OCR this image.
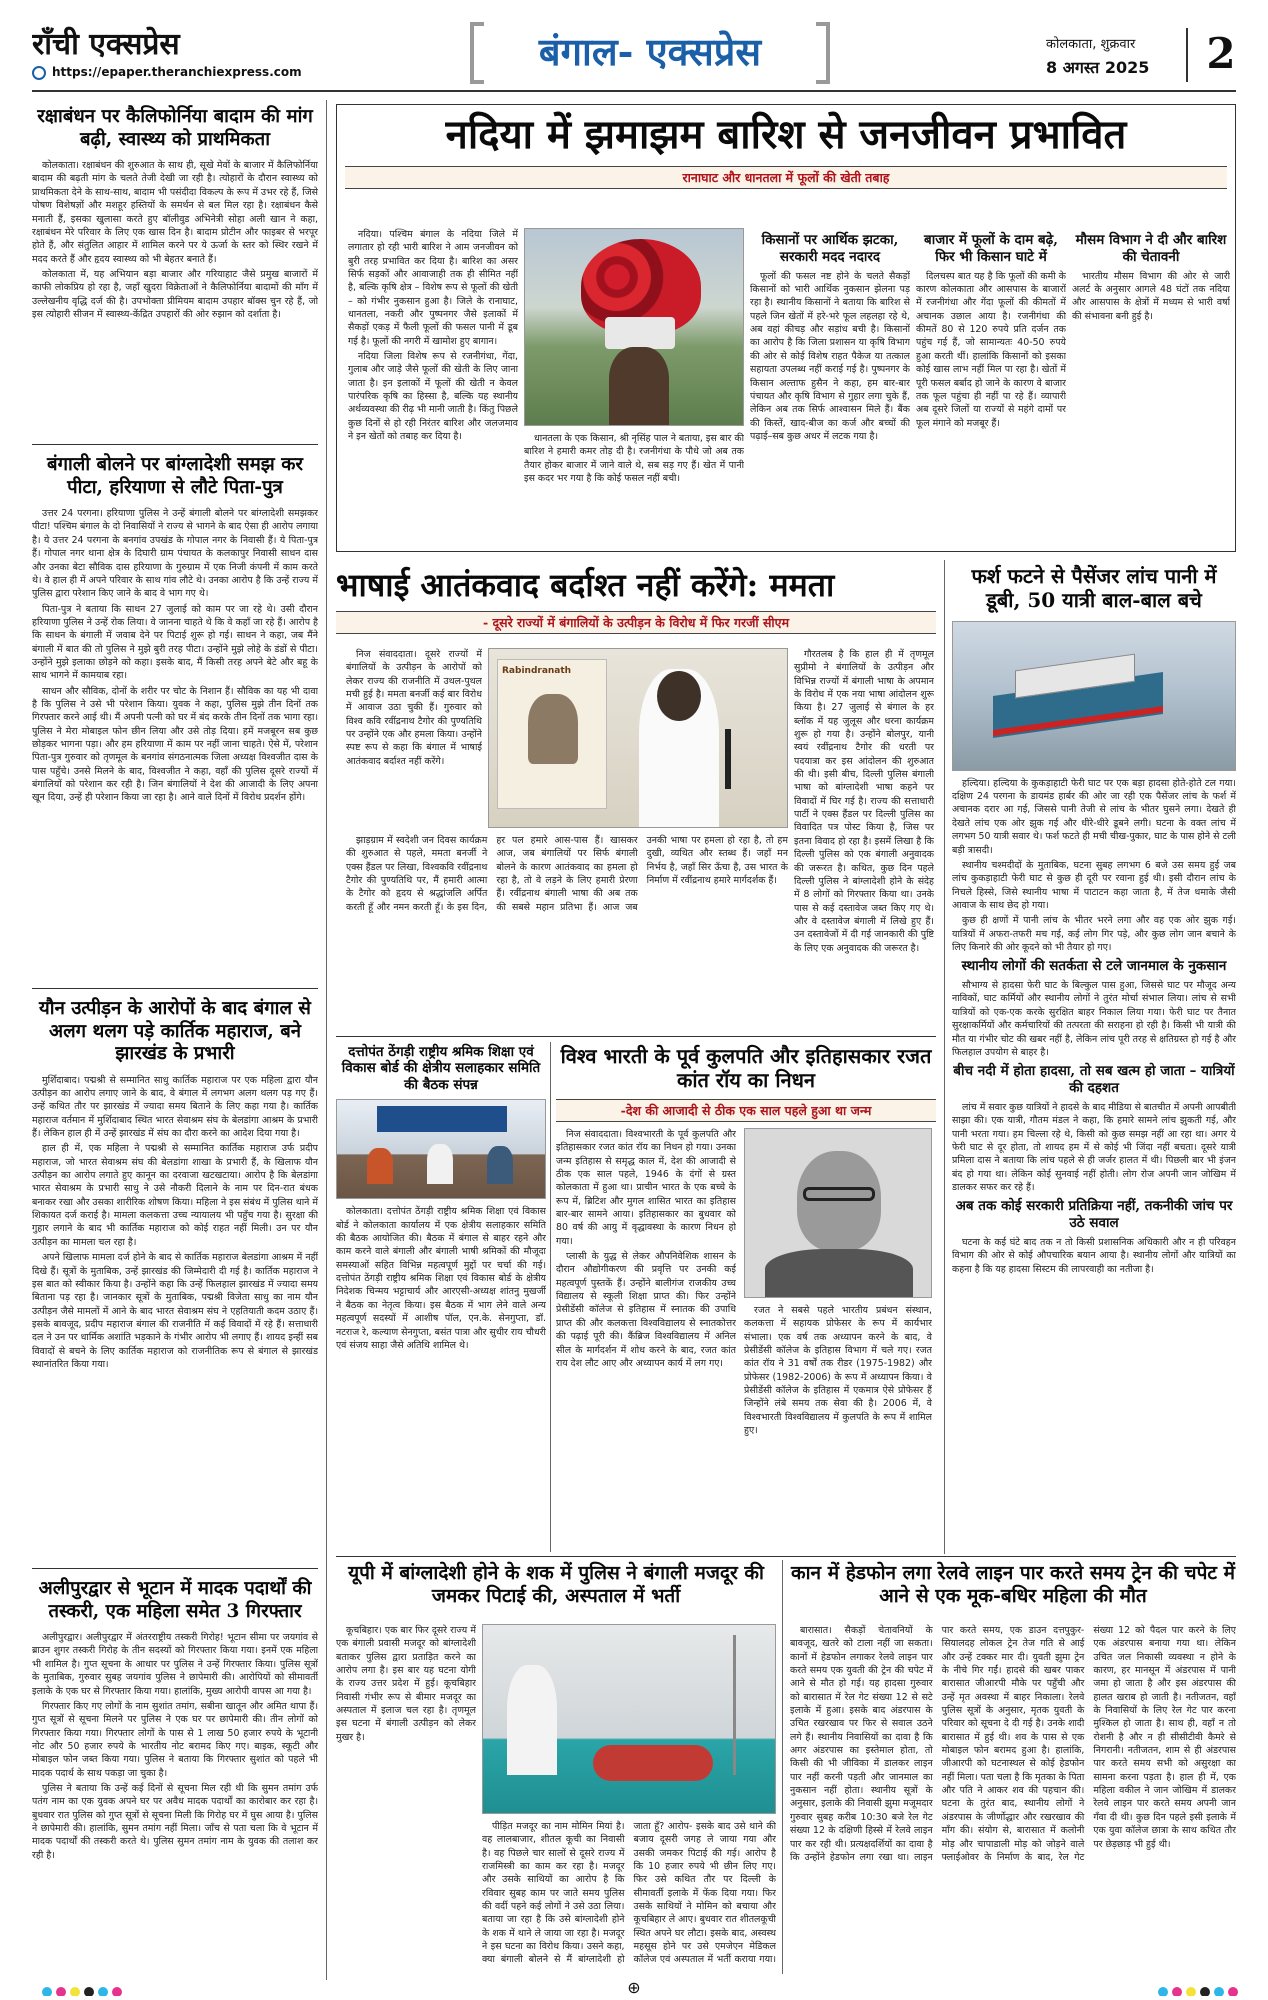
राँची एक्सप्रेस
https://epaper.theranchiexpress.com	बंगाल- एक्सप्रेस	कोलकाता, शुक्रवार
8 अगस्त 2025	2
रक्षाबंधन पर कैलिफोर्निया बादाम की मांग बढ़ी, स्वास्थ्य को प्राथमिकता

कोलकाता। रक्षाबंधन की शुरुआत के साथ ही, सूखे मेवों के बाजार में कैलिफोर्निया बादाम की बढ़ती मांग के चलते तेजी देखी जा रही है। त्योहारों के दौरान स्वास्थ्य को प्राथमिकता देने के साथ-साथ, बादाम भी पसंदीदा विकल्प के रूप में उभर रहे हैं, जिसे पोषण विशेषज्ञों और मशहूर हस्तियों के समर्थन से बल मिल रहा है। रक्षाबंधन कैसे मनाती हैं, इसका खुलासा करते हुए बॉलीवुड अभिनेत्री सोहा अली खान ने कहा, रक्षाबंधन मेरे परिवार के लिए एक खास दिन है। बादाम प्रोटीन और फाइबर से भरपूर होते हैं, और संतुलित आहार में शामिल करने पर ये ऊर्जा के स्तर को स्थिर रखने में मदद करते हैं और हृदय स्वास्थ्य को भी बेहतर बनाते हैं।

कोलकाता में, यह अभियान बड़ा बाजार और गरियाहाट जैसे प्रमुख बाजारों में काफी लोकप्रिय हो रहा है, जहाँ खुदरा विक्रेताओं ने कैलिफोर्निया बादामों की माँग में उल्लेखनीय वृद्धि दर्ज की है। उपभोक्ता प्रीमियम बादाम उपहार बॉक्स चुन रहे हैं, जो इस त्योहारी सीजन में स्वास्थ्य-केंद्रित उपहारों की ओर रुझान को दर्शाता है।

बंगाली बोलने पर बांग्लादेशी समझ कर पीटा, हरियाणा से लौटे पिता-पुत्र

उत्तर 24 परगना। हरियाणा पुलिस ने उन्हें बंगाली बोलने पर बांग्लादेशी समझकर पीटा! पश्चिम बंगाल के दो निवासियों ने राज्य से भागने के बाद ऐसा ही आरोप लगाया है। ये उत्तर 24 परगना के बनगांव उपखंड के गोपाल नगर के निवासी हैं। ये पिता-पुत्र हैं। गोपाल नगर थाना क्षेत्र के दिघारी ग्राम पंचायत के कलकापुर निवासी साधन दास और उनका बेटा सौविक दास हरियाणा के गुरुग्राम में एक निजी कंपनी में काम करते थे। वे हाल ही में अपने परिवार के साथ गांव लौटे थे। उनका आरोप है कि उन्हें राज्य में पुलिस द्वारा परेशान किए जाने के बाद वे भाग गए थे।

पिता-पुत्र ने बताया कि साधन 27 जुलाई को काम पर जा रहे थे। उसी दौरान हरियाणा पुलिस ने उन्हें रोक लिया। वे जानना चाहते थे कि वे कहाँ जा रहे हैं। आरोप है कि साधन के बंगाली में जवाब देने पर पिटाई शुरू हो गई। साधन ने कहा, जब मैंने बंगाली में बात की तो पुलिस ने मुझे बुरी तरह पीटा। उन्होंने मुझे लोहे के डंडों से पीटा। उन्होंने मुझे इलाका छोड़ने को कहा। इसके बाद, मैं किसी तरह अपने बेटे और बहू के साथ भागने में कामयाब रहा।

साधन और सौविक, दोनों के शरीर पर चोट के निशान हैं। सौविक का यह भी दावा है कि पुलिस ने उसे भी परेशान किया। युवक ने कहा, पुलिस मुझे तीन दिनों तक गिरफ्तार करने आई थी। मैं अपनी पत्नी को घर में बंद करके तीन दिनों तक भागा रहा। पुलिस ने मेरा मोबाइल फोन छीन लिया और उसे तोड़ दिया। हमें मजबूरन सब कुछ छोड़कर भागना पड़ा। और हम हरियाणा में काम पर नहीं जाना चाहते। ऐसे में, परेशान पिता-पुत्र गुरुवार को तृणमूल के बनगांव संगठनात्मक जिला अध्यक्ष विश्वजीत दास के पास पहुँचे। उनसे मिलने के बाद, विश्वजीत ने कहा, वहाँ की पुलिस दूसरे राज्यों में बंगालियों को परेशान कर रही है। जिन बंगालियों ने देश की आजादी के लिए अपना खून दिया, उन्हें ही परेशान किया जा रहा है। आने वाले दिनों में विरोध प्रदर्शन होंगे।

यौन उत्पीड़न के आरोपों के बाद बंगाल से अलग थलग पड़े कार्तिक महाराज, बने झारखंड के प्रभारी

मुर्शिदाबाद। पद्मश्री से सम्मानित साधु कार्तिक महाराज पर एक महिला द्वारा यौन उत्पीड़न का आरोप लगाए जाने के बाद, वे बंगाल में लगभग अलग थलग पड़ गए हैं। उन्हें कथित तौर पर झारखंड में ज्यादा समय बिताने के लिए कहा गया है। कार्तिक महाराज वर्तमान में मुर्शिदाबाद स्थित भारत सेवाश्रम संघ के बेलडांगा आश्रम के प्रभारी हैं। लेकिन हाल ही में उन्हें झारखंड में संघ का दौरा करने का आदेश दिया गया है।

हाल ही में, एक महिला ने पद्मश्री से सम्मानित कार्तिक महाराज उर्फ प्रदीप महाराज, जो भारत सेवाश्रम संघ की बेलडांगा शाखा के प्रभारी हैं, के खिलाफ यौन उत्पीड़न का आरोप लगाते हुए कानून का दरवाजा खटखटाया। आरोप है कि बेलडांगा भारत सेवाश्रम के प्रभारी साधु ने उसे नौकरी दिलाने के नाम पर दिन-रात बंधक बनाकर रखा और उसका शारीरिक शोषण किया। महिला ने इस संबंध में पुलिस थाने में शिकायत दर्ज कराई है। मामला कलकत्ता उच्च न्यायालय भी पहुँच गया है। सुरक्षा की गुहार लगाने के बाद भी कार्तिक महाराज को कोई राहत नहीं मिली। उन पर यौन उत्पीड़न का मामला चल रहा है।

अपने खिलाफ मामला दर्ज होने के बाद से कार्तिक महाराज बेलडांगा आश्रम में नहीं दिखे हैं। सूत्रों के मुताबिक, उन्हें झारखंड की जिम्मेदारी दी गई है। कार्तिक महाराज ने इस बात को स्वीकार किया है। उन्होंने कहा कि उन्हें फिलहाल झारखंड में ज्यादा समय बिताना पड़ रहा है। जानकार सूत्रों के मुताबिक, पद्मश्री विजेता साधु का नाम यौन उत्पीड़न जैसे मामलों में आने के बाद भारत सेवाश्रम संघ ने एहतियाती कदम उठाए हैं। इसके बावजूद, प्रदीप महाराज बंगाल की राजनीति में कई विवादों में रहे हैं। सत्ताधारी दल ने उन पर धार्मिक अशांति भड़काने के गंभीर आरोप भी लगाए हैं। शायद इन्हीं सब विवादों से बचने के लिए कार्तिक महाराज को राजनीतिक रूप से बंगाल से झारखंड स्थानांतरित किया गया।

अलीपुरद्वार से भूटान में मादक पदार्थों की तस्करी, एक महिला समेत 3 गिरफ्तार

अलीपुरद्वार। अलीपुरद्वार में अंतरराष्ट्रीय तस्करी गिरोह! भूटान सीमा पर जयगांव से ब्राउन शुगर तस्करी गिरोह के तीन सदस्यों को गिरफ्तार किया गया। इनमें एक महिला भी शामिल है। गुप्त सूचना के आधार पर पुलिस ने उन्हें गिरफ्तार किया। पुलिस सूत्रों के मुताबिक, गुरुवार सुबह जयगांव पुलिस ने छापेमारी की। आरोपियों को सीमावर्ती इलाके के एक घर से गिरफ्तार किया गया। हालांकि, मुख्य आरोपी वापस आ गया है।

गिरफ्तार किए गए लोगों के नाम सुशांत तमांग, सबीना खातून और अमित थापा हैं। गुप्त सूत्रों से सूचना मिलने पर पुलिस ने एक घर पर छापेमारी की। तीन लोगों को गिरफ्तार किया गया। गिरफ्तार लोगों के पास से 1 लाख 50 हजार रुपये के भूटानी नोट और 50 हजार रुपये के भारतीय नोट बरामद किए गए। बाइक, स्कूटी और मोबाइल फोन जब्त किया गया। पुलिस ने बताया कि गिरफ्तार सुशांत को पहले भी मादक पदार्थ के साथ पकड़ा जा चुका है।

पुलिस ने बताया कि उन्हें कई दिनों से सूचना मिल रही थी कि सुमन तमांग उर्फ पतंग नाम का एक युवक अपने घर पर अवैध मादक पदार्थों का कारोबार कर रहा है। बुधवार रात पुलिस को गुप्त सूत्रों से सूचना मिली कि गिरोह घर में घुस आया है। पुलिस ने छापेमारी की। हालांकि, सुमन तमांग नहीं मिला। जाँच से पता चला कि वे भूटान में मादक पदार्थों की तस्करी करते थे। पुलिस सुमन तमांग नाम के युवक की तलाश कर रही है।

नदिया में झमाझम बारिश से जनजीवन प्रभावित
रानाघाट और धानतला में फूलों की खेती तबाह

नदिया। पश्चिम बंगाल के नदिया जिले में लगातार हो रही भारी बारिश ने आम जनजीवन को बुरी तरह प्रभावित कर दिया है। बारिश का असर सिर्फ सड़कों और आवाजाही तक ही सीमित नहीं है, बल्कि कृषि क्षेत्र – विशेष रूप से फूलों की खेती – को गंभीर नुकसान हुआ है। जिले के रानाघाट, धानतला, नकरी और पुष्पनगर जैसे इलाकों में सैकड़ों एकड़ में फैली फूलों की फसल पानी में डूब गई है। फूलों की नगरी में खामोश हुए बागान।

नदिया जिला विशेष रूप से रजनीगंधा, गेंदा, गुलाब और जाड़े जैसे फूलों की खेती के लिए जाना जाता है। इन इलाकों में फूलों की खेती न केवल पारंपरिक कृषि का हिस्सा है, बल्कि यह स्थानीय अर्थव्यवस्था की रीढ़ भी मानी जाती है। किंतु पिछले कुछ दिनों से हो रही निरंतर बारिश और जलजमाव ने इन खेतों को तबाह कर दिया है।	धानतला के एक किसान, श्री नृसिंह पाल ने बताया, इस बार की बारिश ने हमारी कमर तोड़ दी है। रजनीगंधा के पौधे जो अब तक तैयार होकर बाजार में जाने वाले थे, सब सड़ गए हैं। खेत में पानी इस कदर भर गया है कि कोई फसल नहीं बची।

किसानों पर आर्थिक झटका, सरकारी मदद नदारद

फूलों की फसल नष्ट होने के चलते सैकड़ों किसानों को भारी आर्थिक नुकसान झेलना पड़ रहा है। स्थानीय किसानों ने बताया कि बारिश से पहले जिन खेतों में हरे-भरे फूल लहलहा रहे थे, अब वहां कीचड़ और सड़ांध बची है। किसानों का आरोप है कि जिला प्रशासन या कृषि विभाग की ओर से कोई विशेष राहत पैकेज या तत्काल सहायता उपलब्ध नहीं कराई गई है। पुष्पनगर के किसान अल्ताफ हुसैन ने कहा, हम बार-बार पंचायत और कृषि विभाग से गुहार लगा चुके हैं, लेकिन अब तक सिर्फ आश्वासन मिले हैं। बैंक की किस्तें, खाद-बीज का कर्ज और बच्चों की पढ़ाई–सब कुछ अधर में लटक गया है।

बाजार में फूलों के दाम बढ़े, फिर भी किसान घाटे में

दिलचस्प बात यह है कि फूलों की कमी के कारण कोलकाता और आसपास के बाजारों में रजनीगंधा और गेंदा फूलों की कीमतों में अचानक उछाल आया है। रजनीगंधा की कीमतें 80 से 120 रुपये प्रति दर्जन तक पहुंच गई हैं, जो सामान्यतः 40-50 रुपये हुआ करती थीं। हालांकि किसानों को इसका कोई खास लाभ नहीं मिल पा रहा है। खेतों में पूरी फसल बर्बाद हो जाने के कारण वे बाजार तक फूल पहुंचा ही नहीं पा रहे हैं। व्यापारी अब दूसरे जिलों या राज्यों से महंगे दामों पर फूल मंगाने को मजबूर हैं।

मौसम विभाग ने दी और बारिश की चेतावनी

भारतीय मौसम विभाग की ओर से जारी अलर्ट के अनुसार आगले 48 घंटों तक नदिया और आसपास के क्षेत्रों में मध्यम से भारी वर्षा की संभावना बनी हुई है।

भाषाई आतंकवाद बर्दाश्त नहीं करेंगे: ममता
- दूसरे राज्यों में बंगालियों के उत्पीड़न के विरोध में फिर गरजीं सीएम
Rabindranath

निज संवाददाता। दूसरे राज्यों में बंगालियों के उत्पीड़न के आरोपों को लेकर राज्य की राजनीति में उथल-पुथल मची हुई है। ममता बनर्जी कई बार विरोध में आवाज उठा चुकी हैं। गुरुवार को विश्व कवि रवींद्रनाथ टैगोर की पुण्यतिथि पर उन्होंने एक और हमला किया। उन्होंने स्पष्ट रूप से कहा कि बंगाल में भाषाई आतंकवाद बर्दाश्त नहीं करेंगे।

गौरतलब है कि हाल ही में तृणमूल सुप्रीमो ने बंगालियों के उत्पीड़न और विभिन्न राज्यों में बंगाली भाषा के अपमान के विरोध में एक नया भाषा आंदोलन शुरू किया है। 27 जुलाई से बंगाल के हर ब्लॉक में यह जुलूस और धरना कार्यक्रम शुरू हो गया है। उन्होंने बोलपुर, यानी स्वयं रवींद्रनाथ टैगोर की धरती पर पदयात्रा कर इस आंदोलन की शुरुआत की थी। इसी बीच, दिल्ली पुलिस बंगाली भाषा को बांग्लादेशी भाषा कहने पर विवादों में घिर गई है। राज्य की सत्ताधारी पार्टी ने एक्स हैंडल पर दिल्ली पुलिस का विवादित पत्र पोस्ट किया है, जिस पर इतना विवाद हो रहा है। इसमें लिखा है कि दिल्ली पुलिस को एक बंगाली अनुवादक की जरूरत है। कथित, कुछ दिन पहले दिल्ली पुलिस ने बांग्लादेशी होने के संदेह में 8 लोगों को गिरफ्तार किया था। उनके पास से कई दस्तावेज जब्त किए गए थे। और वे दस्तावेज बंगाली में लिखे हुए हैं। उन दस्तावेजों में दी गई जानकारी की पुष्टि के लिए एक अनुवादक की जरूरत है।

झाड़ग्राम में स्वदेशी जन दिवस कार्यक्रम की शुरुआत से पहले, ममता बनर्जी ने एक्स हैंडल पर लिखा, विश्वकवि रवींद्रनाथ टैगोर की पुण्यतिथि पर, मैं हमारी आत्मा के टैगोर को हृदय से श्रद्धांजलि अर्पित करती हूँ और नमन करती हूँ। के इस दिन, हर पल हमारे आस-पास हैं। खासकर आज, जब बंगालियों पर सिर्फ बंगाली बोलने के कारण आतंकवाद का हमला हो रहा है, तो वे लड़ने के लिए हमारी प्रेरणा हैं। रवींद्रनाथ बंगाली भाषा की अब तक की सबसे महान प्रतिभा हैं। आज जब उनकी भाषा पर हमला हो रहा है, तो हम दुखी, व्यथित और स्तब्ध हैं। जहाँ मन निर्भय है, जहाँ सिर ऊँचा है, उस भारत के निर्माण में रवींद्रनाथ हमारे मार्गदर्शक हैं।

फर्श फटने से पैसेंजर लांच पानी में डूबी, 50 यात्री बाल-बाल बचे

हल्दिया। हल्दिया के कुकड़ाहाटी फेरी घाट पर एक बड़ा हादसा होते-होते टल गया। दक्षिण 24 परगना के डायमंड हार्बर की ओर जा रही एक पैसेंजर लांच के फर्श में अचानक दरार आ गई, जिससे पानी तेजी से लांच के भीतर घुसने लगा। देखते ही देखते लांच एक ओर झुक गई और धीरे-धीरे डूबने लगी। घटना के वक्त लांच में लगभग 50 यात्री सवार थे। फर्श फटते ही मची चीख-पुकार, घाट के पास होने से टली बड़ी त्रासदी।

स्थानीय चश्मदीदों के मुताबिक, घटना सुबह लगभग 6 बजे उस समय हुई जब लांच कुकड़ाहाटी फेरी घाट से कुछ ही दूरी पर रवाना हुई थी। इसी दौरान लांच के निचले हिस्से, जिसे स्थानीय भाषा में पाटाटन कहा जाता है, में तेज धमाके जैसी आवाज के साथ छेद हो गया।

कुछ ही क्षणों में पानी लांच के भीतर भरने लगा और वह एक ओर झुक गई। यात्रियों में अफरा-तफरी मच गई, कई लोग गिर पड़े, और कुछ लोग जान बचाने के लिए किनारे की ओर कूदने को भी तैयार हो गए।

स्थानीय लोगों की सतर्कता से टले जानमाल के नुकसान

सौभाग्य से हादसा फेरी घाट के बिल्कुल पास हुआ, जिससे घाट पर मौजूद अन्य नाविकों, घाट कर्मियों और स्थानीय लोगों ने तुरंत मोर्चा संभाल लिया। लांच से सभी यात्रियों को एक-एक करके सुरक्षित बाहर निकाल लिया गया। फेरी घाट पर तैनात सुरक्षाकर्मियों और कर्मचारियों की तत्परता की सराहना हो रही है। किसी भी यात्री की मौत या गंभीर चोट की खबर नहीं है, लेकिन लांच पूरी तरह से क्षतिग्रस्त हो गई है और फिलहाल उपयोग से बाहर है।

बीच नदी में होता हादसा, तो सब खत्म हो जाता – यात्रियों की दहशत

लांच में सवार कुछ यात्रियों ने हादसे के बाद मीडिया से बातचीत में अपनी आपबीती साझा की। एक यात्री, गौतम मंडल ने कहा, कि हमारे सामने लांच झुकती गई, और पानी भरता गया। हम चिल्ला रहे थे, किसी को कुछ समझ नहीं आ रहा था। अगर ये फेरी घाट से दूर होता, तो शायद हम में से कोई भी जिंदा नहीं बचता। दूसरे यात्री प्रमिला दास ने बताया कि लांच पहले से ही जर्जर हालत में थी। पिछली बार भी इंजन बंद हो गया था। लेकिन कोई सुनवाई नहीं होती। लोग रोज अपनी जान जोखिम में डालकर सफर कर रहे हैं।

अब तक कोई सरकारी प्रतिक्रिया नहीं, तकनीकी जांच पर उठे सवाल

घटना के कई घंटे बाद तक न तो किसी प्रशासनिक अधिकारी और न ही परिवहन विभाग की ओर से कोई औपचारिक बयान आया है। स्थानीय लोगों और यात्रियों का कहना है कि यह हादसा सिस्टम की लापरवाही का नतीजा है।

दत्तोपंत ठेंगड़ी राष्ट्रीय श्रमिक शिक्षा एवं विकास बोर्ड की क्षेत्रीय सलाहकार समिति की बैठक संपन्न

कोलकाता। दत्तोपंत ठेंगड़ी राष्ट्रीय श्रमिक शिक्षा एवं विकास बोर्ड ने कोलकाता कार्यालय में एक क्षेत्रीय सलाहकार समिति की बैठक आयोजित की। बैठक में बंगाल से बाहर रहने और काम करने वाले बंगाली और बंगाली भाषी श्रमिकों की मौजूदा समस्याओं सहित विभिन्न महत्वपूर्ण मुद्दों पर चर्चा की गई। दत्तोपंत ठेंगड़ी राष्ट्रीय श्रमिक शिक्षा एवं विकास बोर्ड के क्षेत्रीय निदेशक चिन्मय भट्टाचार्य और आरएसी-अध्यक्ष शांतनु मुखर्जी ने बैठक का नेतृत्व किया। इस बैठक में भाग लेने वाले अन्य महत्वपूर्ण सदस्यों में आशीष पॉल, एन.के. सेनगुप्ता, डॉ. नटराज रे, कल्याण सेनगुप्ता, बसंत पात्रा और सुधीर राय चौधरी एवं संजय साहा जैसे अतिथि शामिल थे।

विश्व भारती के पूर्व कुलपति और इतिहासकार रजत कांत रॉय का निधन
-देश की आजादी से ठीक एक साल पहले हुआ था जन्म

निज संवाददाता। विश्वभारती के पूर्व कुलपति और इतिहासकार रजत कांत रॉय का निधन हो गया। उनका जन्म इतिहास से समृद्ध काल में, देश की आजादी से ठीक एक साल पहले, 1946 के दंगों से ग्रस्त कोलकाता में हुआ था। प्राचीन भारत के एक बच्चे के रूप में, ब्रिटिश और मुगल शासित भारत का इतिहास बार-बार सामने आया। इतिहासकार का बुधवार को 80 वर्ष की आयु में वृद्धावस्था के कारण निधन हो गया।

प्लासी के युद्ध से लेकर औपनिवेशिक शासन के दौरान औद्योगीकरण की प्रवृत्ति पर उनकी कई महत्वपूर्ण पुस्तकें हैं। उन्होंने बालीगंज राजकीय उच्च विद्यालय से स्कूली शिक्षा प्राप्त की। फिर उन्होंने प्रेसीडेंसी कॉलेज से इतिहास में स्नातक की उपाधि प्राप्त की और कलकत्ता विश्वविद्यालय से स्नातकोत्तर की पढ़ाई पूरी की। कैंब्रिज विश्वविद्यालय में अनिल सील के मार्गदर्शन में शोध करने के बाद, रजत कांत राय देश लौट आए और अध्यापन कार्य में लग गए।

रजत ने सबसे पहले भारतीय प्रबंधन संस्थान, कलकत्ता में सहायक प्रोफेसर के रूप में कार्यभार संभाला। एक वर्ष तक अध्यापन करने के बाद, वे प्रेसीडेंसी कॉलेज के इतिहास विभाग में चले गए। रजत कांत रॉय ने 31 वर्षों तक रीडर (1975-1982) और प्रोफेसर (1982-2006) के रूप में अध्यापन किया। वे प्रेसीडेंसी कॉलेज के इतिहास में एकमात्र ऐसे प्रोफेसर हैं जिन्होंने लंबे समय तक सेवा की है। 2006 में, वे विश्वभारती विश्वविद्यालय में कुलपति के रूप में शामिल हुए।

यूपी में बांग्लादेशी होने के शक में पुलिस ने बंगाली मजदूर की जमकर पिटाई की, अस्पताल में भर्ती

कूचबिहार। एक बार फिर दूसरे राज्य में एक बंगाली प्रवासी मजदूर को बांग्लादेशी बताकर पुलिस द्वारा प्रताड़ित करने का आरोप लगा है। इस बार यह घटना योगी के राज्य उत्तर प्रदेश में हुई। कूचबिहार निवासी गंभीर रूप से बीमार मजदूर का अस्पताल में इलाज चल रहा है। तृणमूल इस घटना में बंगाली उत्पीड़न को लेकर मुखर है।

पीड़ित मजदूर का नाम मोमिन मियां है। वह लालबाजार, शीतल कूची का निवासी है। वह पिछले चार सालों से दूसरे राज्य में राजमिस्त्री का काम कर रहा है। मजदूर और उसके साथियों का आरोप है कि रविवार सुबह काम पर जाते समय पुलिस की वर्दी पहने कई लोगों ने उसे उठा लिया। बताया जा रहा है कि उसे बांग्लादेशी होने के शक में थाने ले जाया जा रहा है। मजदूर ने इस घटना का विरोध किया। उसने कहा, क्या बंगाली बोलने से मैं बांग्लादेशी हो जाता हूँ? आरोप- इसके बाद उसे थाने की बजाय दूसरी जगह ले जाया गया और उसकी जमकर पिटाई की गई। आरोप है कि 10 हजार रुपये भी छीन लिए गए। फिर उसे कथित तौर पर दिल्ली के सीमावर्ती इलाके में फेंक दिया गया। फिर उसके साथियों ने मोमिन को बचाया और कूचबिहार ले आए। बुधवार रात शीतलकूची स्थित अपने घर लौटा। इसके बाद, अस्वस्थ महसूस होने पर उसे एमजेएन मेडिकल कॉलेज एवं अस्पताल में भर्ती कराया गया।

कान में हेडफोन लगा रेलवे लाइन पार करते समय ट्रेन की चपेट में आने से एक मूक-बधिर महिला की मौत

बारासात। सैकड़ों चेतावनियों के बावजूद, खतरे को टाला नहीं जा सकता। कानों में हेडफोन लगाकर रेलवे लाइन पार करते समय एक युवती की ट्रेन की चपेट में आने से मौत हो गई। यह हादसा गुरुवार को बारासात में रेल गेट संख्या 12 से सटे इलाके में हुआ। इसके बाद अंडरपास के उचित रखरखाव पर फिर से सवाल उठने लगे हैं। स्थानीय निवासियों का दावा है कि अगर अंडरपास का इस्तेमाल होता, तो किसी की भी जीविका में डालकर लाइन पार नहीं करनी पड़ती और जानमाल का नुकसान नहीं होता। स्थानीय सूत्रों के अनुसार, इलाके की निवासी झुमा मजूमदार गुरुवार सुबह करीब 10:30 बजे रेल गेट संख्या 12 के दक्षिणी हिस्से में रेलवे लाइन पार कर रही थी। प्रत्यक्षदर्शियों का दावा है कि उन्होंने हेडफोन लगा रखा था। लाइन पार करते समय, एक डाउन दत्तपुकुर-सियालदह लोकल ट्रेन तेज गति से आई और उन्हें टक्कर मार दी। युवती झुमा ट्रेन के नीचे गिर गईं। हादसे की खबर पाकर बारासात जीआरपी मौके पर पहुँची और उन्हें मृत अवस्था में बाहर निकाला। रेलवे पुलिस सूत्रों के अनुसार, मृतक युवती के परिवार को सूचना दे दी गई है। उनके शादी बारासात में हुई थी। शव के पास से एक मोबाइल फोन बरामद हुआ है। हालांकि, जीआरपी को घटनास्थल से कोई हेडफोन नहीं मिला। पता चला है कि मृतका के पिता और पति ने आकर शव की पहचान की। घटना के तुरंत बाद, स्थानीय लोगों ने अंडरपास के जीर्णोद्धार और रखरखाव की माँग की। संयोग से, बारासात में कलोनी मोड़ और चापाडाली मोड़ को जोड़ने वाले फ्लाईओवर के निर्माण के बाद, रेल गेट संख्या 12 को पैदल पार करने के लिए एक अंडरपास बनाया गया था। लेकिन उचित जल निकासी व्यवस्था न होने के कारण, हर मानसून में अंडरपास में पानी जमा हो जाता है और इस अंडरपास की हालत खराब हो जाती है। नतीजतन, वहाँ के निवासियों के लिए रेल गेट पार करना मुश्किल हो जाता है। साथ ही, वहाँ न तो रोशनी है और न ही सीसीटीवी कैमरे से निगरानी। नतीजतन, शाम से ही अंडरपास पार करते समय सभी को असुरक्षा का सामना करना पड़ता है। हाल ही में, एक महिला वकील ने जान जोखिम में डालकर रेलवे लाइन पार करते समय अपनी जान गँवा दी थी। कुछ दिन पहले इसी इलाके में एक युवा कॉलेज छात्रा के साथ कथित तौर पर छेड़छाड़ भी हुई थी।

⊕
